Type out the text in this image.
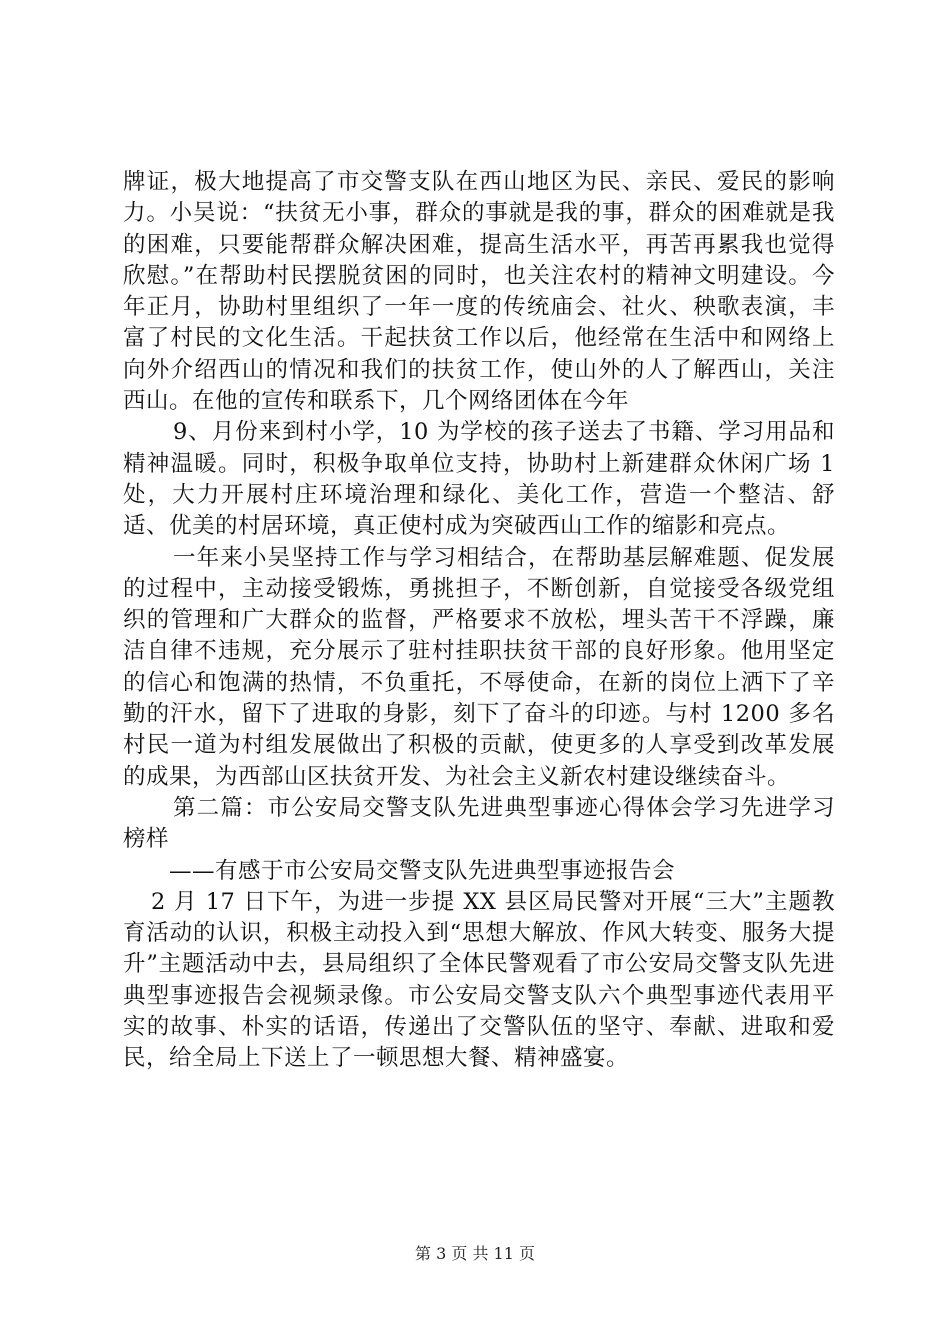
牌证，极大地提高了市交警支队在西山地区为民、亲民、爱民的影响力。小吴说：“扶贫无小事，群众的事就是我的事，群众的困难就是我的困难，只要能帮群众解决困难，提高生活水平，再苦再累我也觉得欣慰。”在帮助村民摆脱贫困的同时，也关注农村的精神文明建设。今年正月，协助村里组织了一年一度的传统庙会、社火、秧歌表演，丰富了村民的文化生活。干起扶贫工作以后，他经常在生活中和网络上向外介绍西山的情况和我们的扶贫工作，使山外的人了解西山，关注西山。在他的宣传和联系下，几个网络团体在今年

9、月份来到村小学，10 为学校的孩子送去了书籍、学习用品和精神温暖。同时，积极争取单位支持，协助村上新建群众休闲广场 1 处，大力开展村庄环境治理和绿化、美化工作，营造一个整洁、舒适、优美的村居环境，真正使村成为突破西山工作的缩影和亮点。

一年来小吴坚持工作与学习相结合，在帮助基层解难题、促发展的过程中，主动接受锻炼，勇挑担子，不断创新，自觉接受各级党组织的管理和广大群众的监督，严格要求不放松，埋头苦干不浮躁，廉洁自律不违规，充分展示了驻村挂职扶贫干部的良好形象。他用坚定的信心和饱满的热情，不负重托，不辱使命，在新的岗位上洒下了辛勤的汗水，留下了进取的身影，刻下了奋斗的印迹。与村 1200 多名村民一道为村组发展做出了积极的贡献，使更多的人享受到改革发展的成果，为西部山区扶贫开发、为社会主义新农村建设继续奋斗。

第二篇：市公安局交警支队先进典型事迹心得体会学习先进学习榜样

——有感于市公安局交警支队先进典型事迹报告会

2 月 17 日下午，为进一步提 XX 县区局民警对开展“三大”主题教育活动的认识，积极主动投入到“思想大解放、作风大转变、服务大提升”主题活动中去，县局组织了全体民警观看了市公安局交警支队先进典型事迹报告会视频录像。市公安局交警支队六个典型事迹代表用平实的故事、朴实的话语，传递出了交警队伍的坚守、奉献、进取和爱民，给全局上下送上了一顿思想大餐、精神盛宴。

第 3 页 共 11 页
